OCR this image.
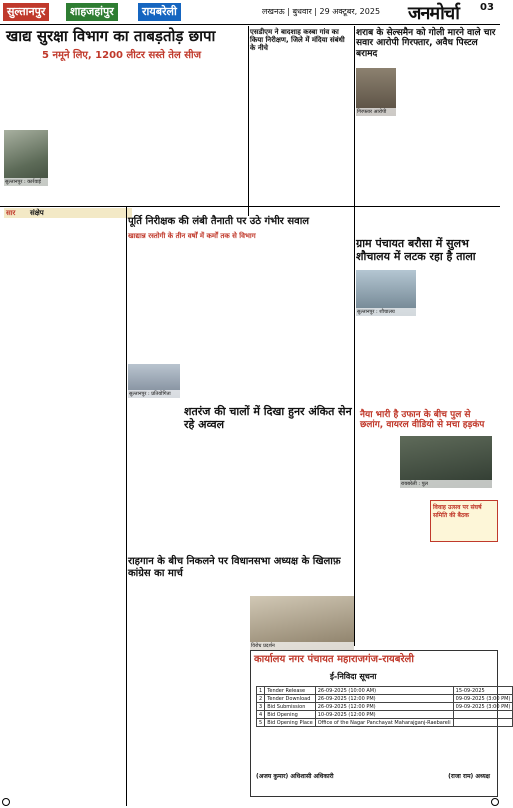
सुल्तानपुर	शाहजहांपुर	रायबरेली	लखनऊ | बुधवार | 29 अक्टूबर, 2025 जनमोर्चा 03
खाद्य सुरक्षा विभाग का ताबड़तोड़ छापा
5 नमूने लिए, 1200 लीटर सस्ते तेल सीज
सुल्तानपुर : कार्रवाई
एसडीएम ने बादशाह कस्बा गांव का किया निरीक्षण, जिले में मंदिया संबंधी के नीचे
शराब के सेल्समैन को गोली मारने वाले चार सवार आरोपी गिरफ्तार, अवैध पिस्टल बरामद
गिरफ्तार आरोपी
सार संक्षेप
पूर्ति निरीक्षक की लंबी तैनाती पर उठे गंभीर सवाल
खाद्यान्न रस्तोगी के तीन वर्षों में कर्मों तक से विभाग
सुल्तानपुर : प्रतियोगिता
शतरंज की चालों में दिखा हुनर अंकित सेन रहे अव्वल
राहगान के बीच निकलने पर विधानसभा अध्यक्ष के खिलाफ़ कांग्रेस का मार्च
विरोध प्रदर्शन
ग्राम पंचायत बरौसा में सुलभ शौचालय में लटक रहा है ताला
सुल्तानपुर : शौचालय
नैया भारी है उफान के बीच पुल से छलांग, वायरल वीडियो से मचा हड़कंप
रायबरेली : पुल
विवाह उत्सव पर संघर्ष समिति की बैठक
कार्यालय नगर पंचायत महाराजगंज-रायबरेली
ई-निविदा सूचना
1	Tender Release	26-09-2025 (10:00 AM)	15-09-2025
2	Tender Download	26-09-2025 (12:00 PM)	09-09-2025 (3:00 PM)
3	Bid Submission	26-09-2025 (12:00 PM)	09-09-2025 (3:00 PM)
4	Bid Opening	10-09-2025 (12:00 PM)	
5	Bid Opening Place	Office of the Nagar Panchayat Maharajganj-Raebareli	
(अजय कुमार) अधिशासी अधिकारी	(राजा राम) अध्यक्ष
